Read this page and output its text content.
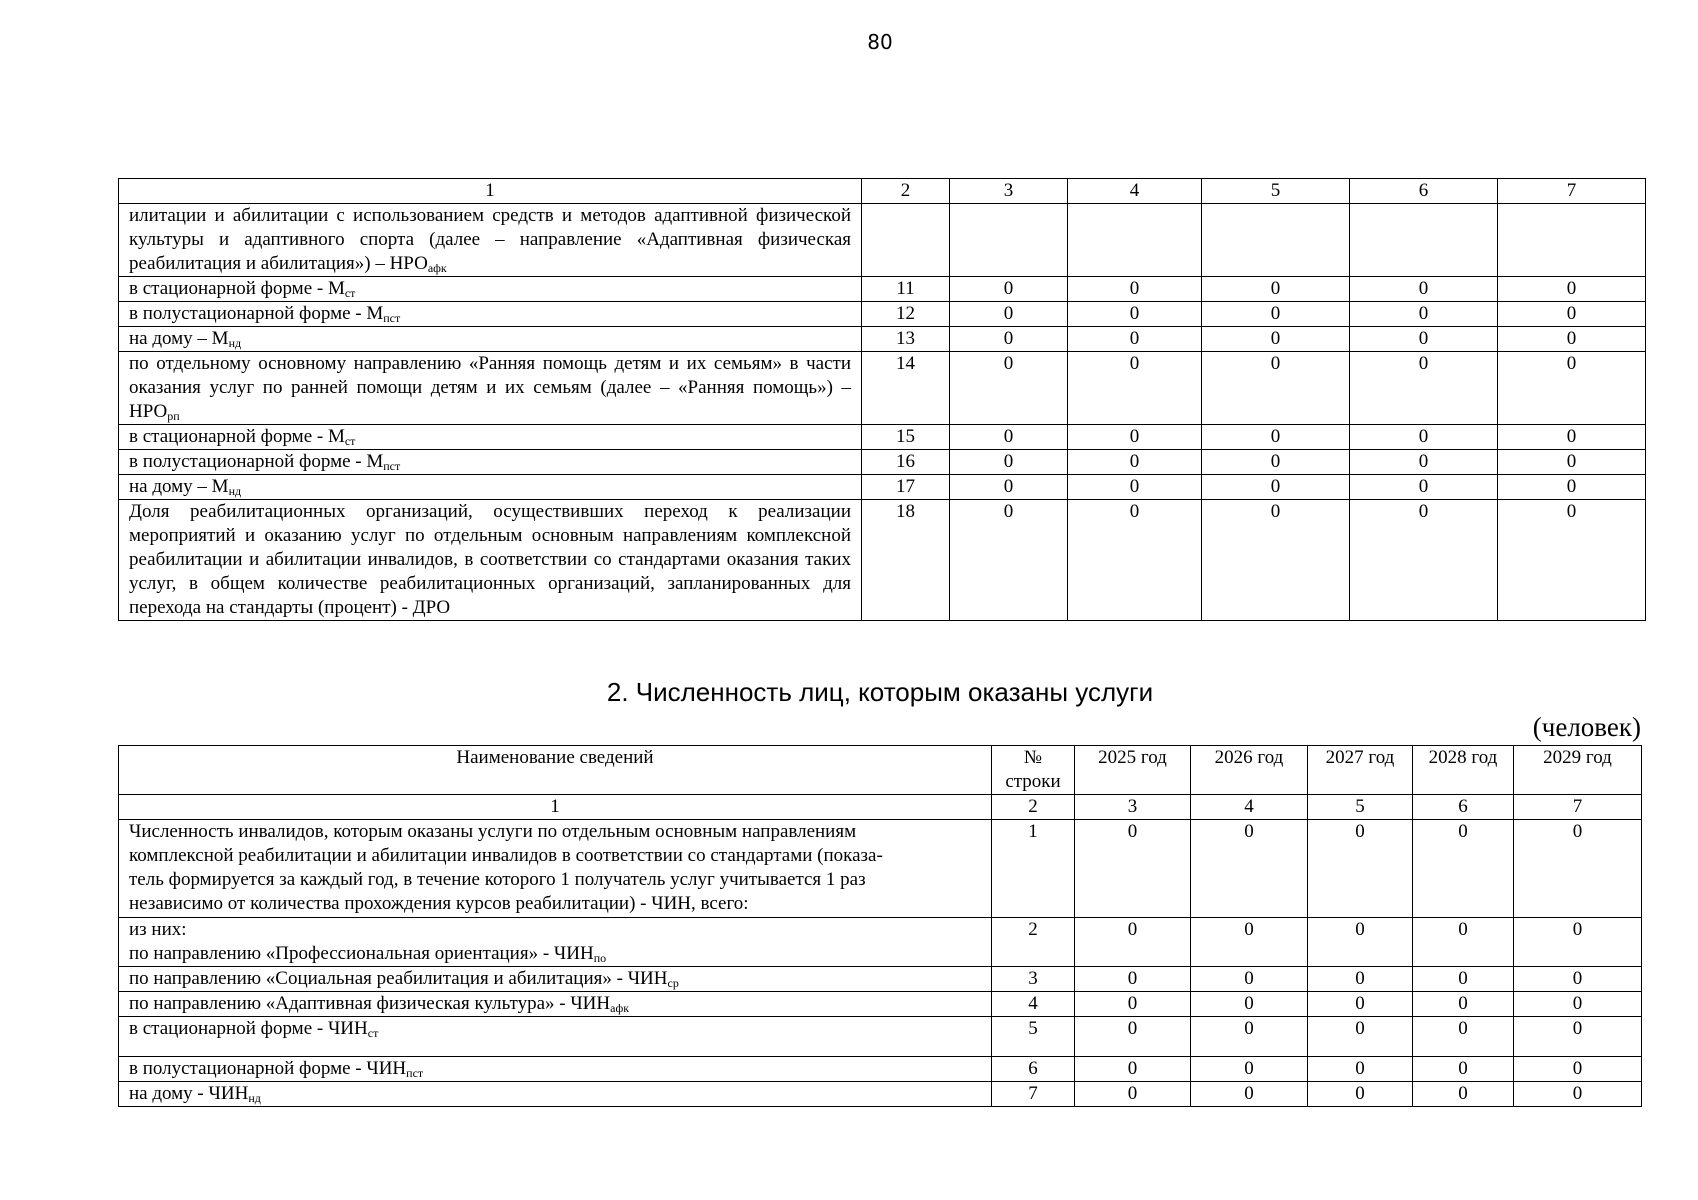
80
1	2	3	4	5	6	7
илитации и абилитации с использованием средств и методов адаптивной физической культуры и адаптивного спорта (далее – направление «Адаптивная физическая реабилитация и абилитация») – $НРО_{афк}$						
в стационарной форме - $М_{ст}$	11	0	0	0	0	0
в полустационарной форме - $М_{пст}$	12	0	0	0	0	0
на дому – $М_{нд}$	13	0	0	0	0	0
по отдельному основному направлению «Ранняя помощь детям и их семьям» в части оказания услуг по ранней помощи детям и их семьям (далее – «Ранняя помощь») – $НРО_{рп}$	14	0	0	0	0	0
в стационарной форме - $М_{ст}$	15	0	0	0	0	0
в полустационарной форме - $М_{пст}$	16	0	0	0	0	0
на дому – $М_{нд}$	17	0	0	0	0	0
Доля реабилитационных организаций, осуществивших переход к реализации мероприятий и оказанию услуг по отдельным основным направлениям комплексной реабилитации и абилитации инвалидов, в соответствии со стандартами оказания таких услуг, в общем количестве реабилитационных организаций, запланированных для перехода на стандарты (процент) - ДРО	18	0	0	0	0	0
2. Численность лиц, которым оказаны услуги
(человек)
Наименование сведений	№ строки	2025 год	2026 год	2027 год	2028 год	2029 год
1	2	3	4	5	6	7

Численность инвалидов, которым оказаны услуги по отдельным основным направлениям
комплексной реабилитации и абилитации инвалидов в соответствии со стандартами (показа-
тель формируется за каждый год, в течение которого 1 получатель услуг учитывается 1 раз
независимо от количества прохождения курсов реабилитации) - ЧИН, всего:	1	0	0	0	0	0

из них:
по направлению «Профессиональная ориентация» - $ЧИН_{по}$	2	0	0	0	0	0

по направлению «Социальная реабилитация и абилитация» - $ЧИН_{ср}$	3	0	0	0	0	0

по направлению «Адаптивная физическая культура» - $ЧИН_{афк}$	4	0	0	0	0	0

в стационарной форме - $ЧИН_{ст}$	5	0	0	0	0	0

в полустационарной форме - $ЧИН_{пст}$	6	0	0	0	0	0

на дому - $ЧИН_{нд}$	7	0	0	0	0	0
